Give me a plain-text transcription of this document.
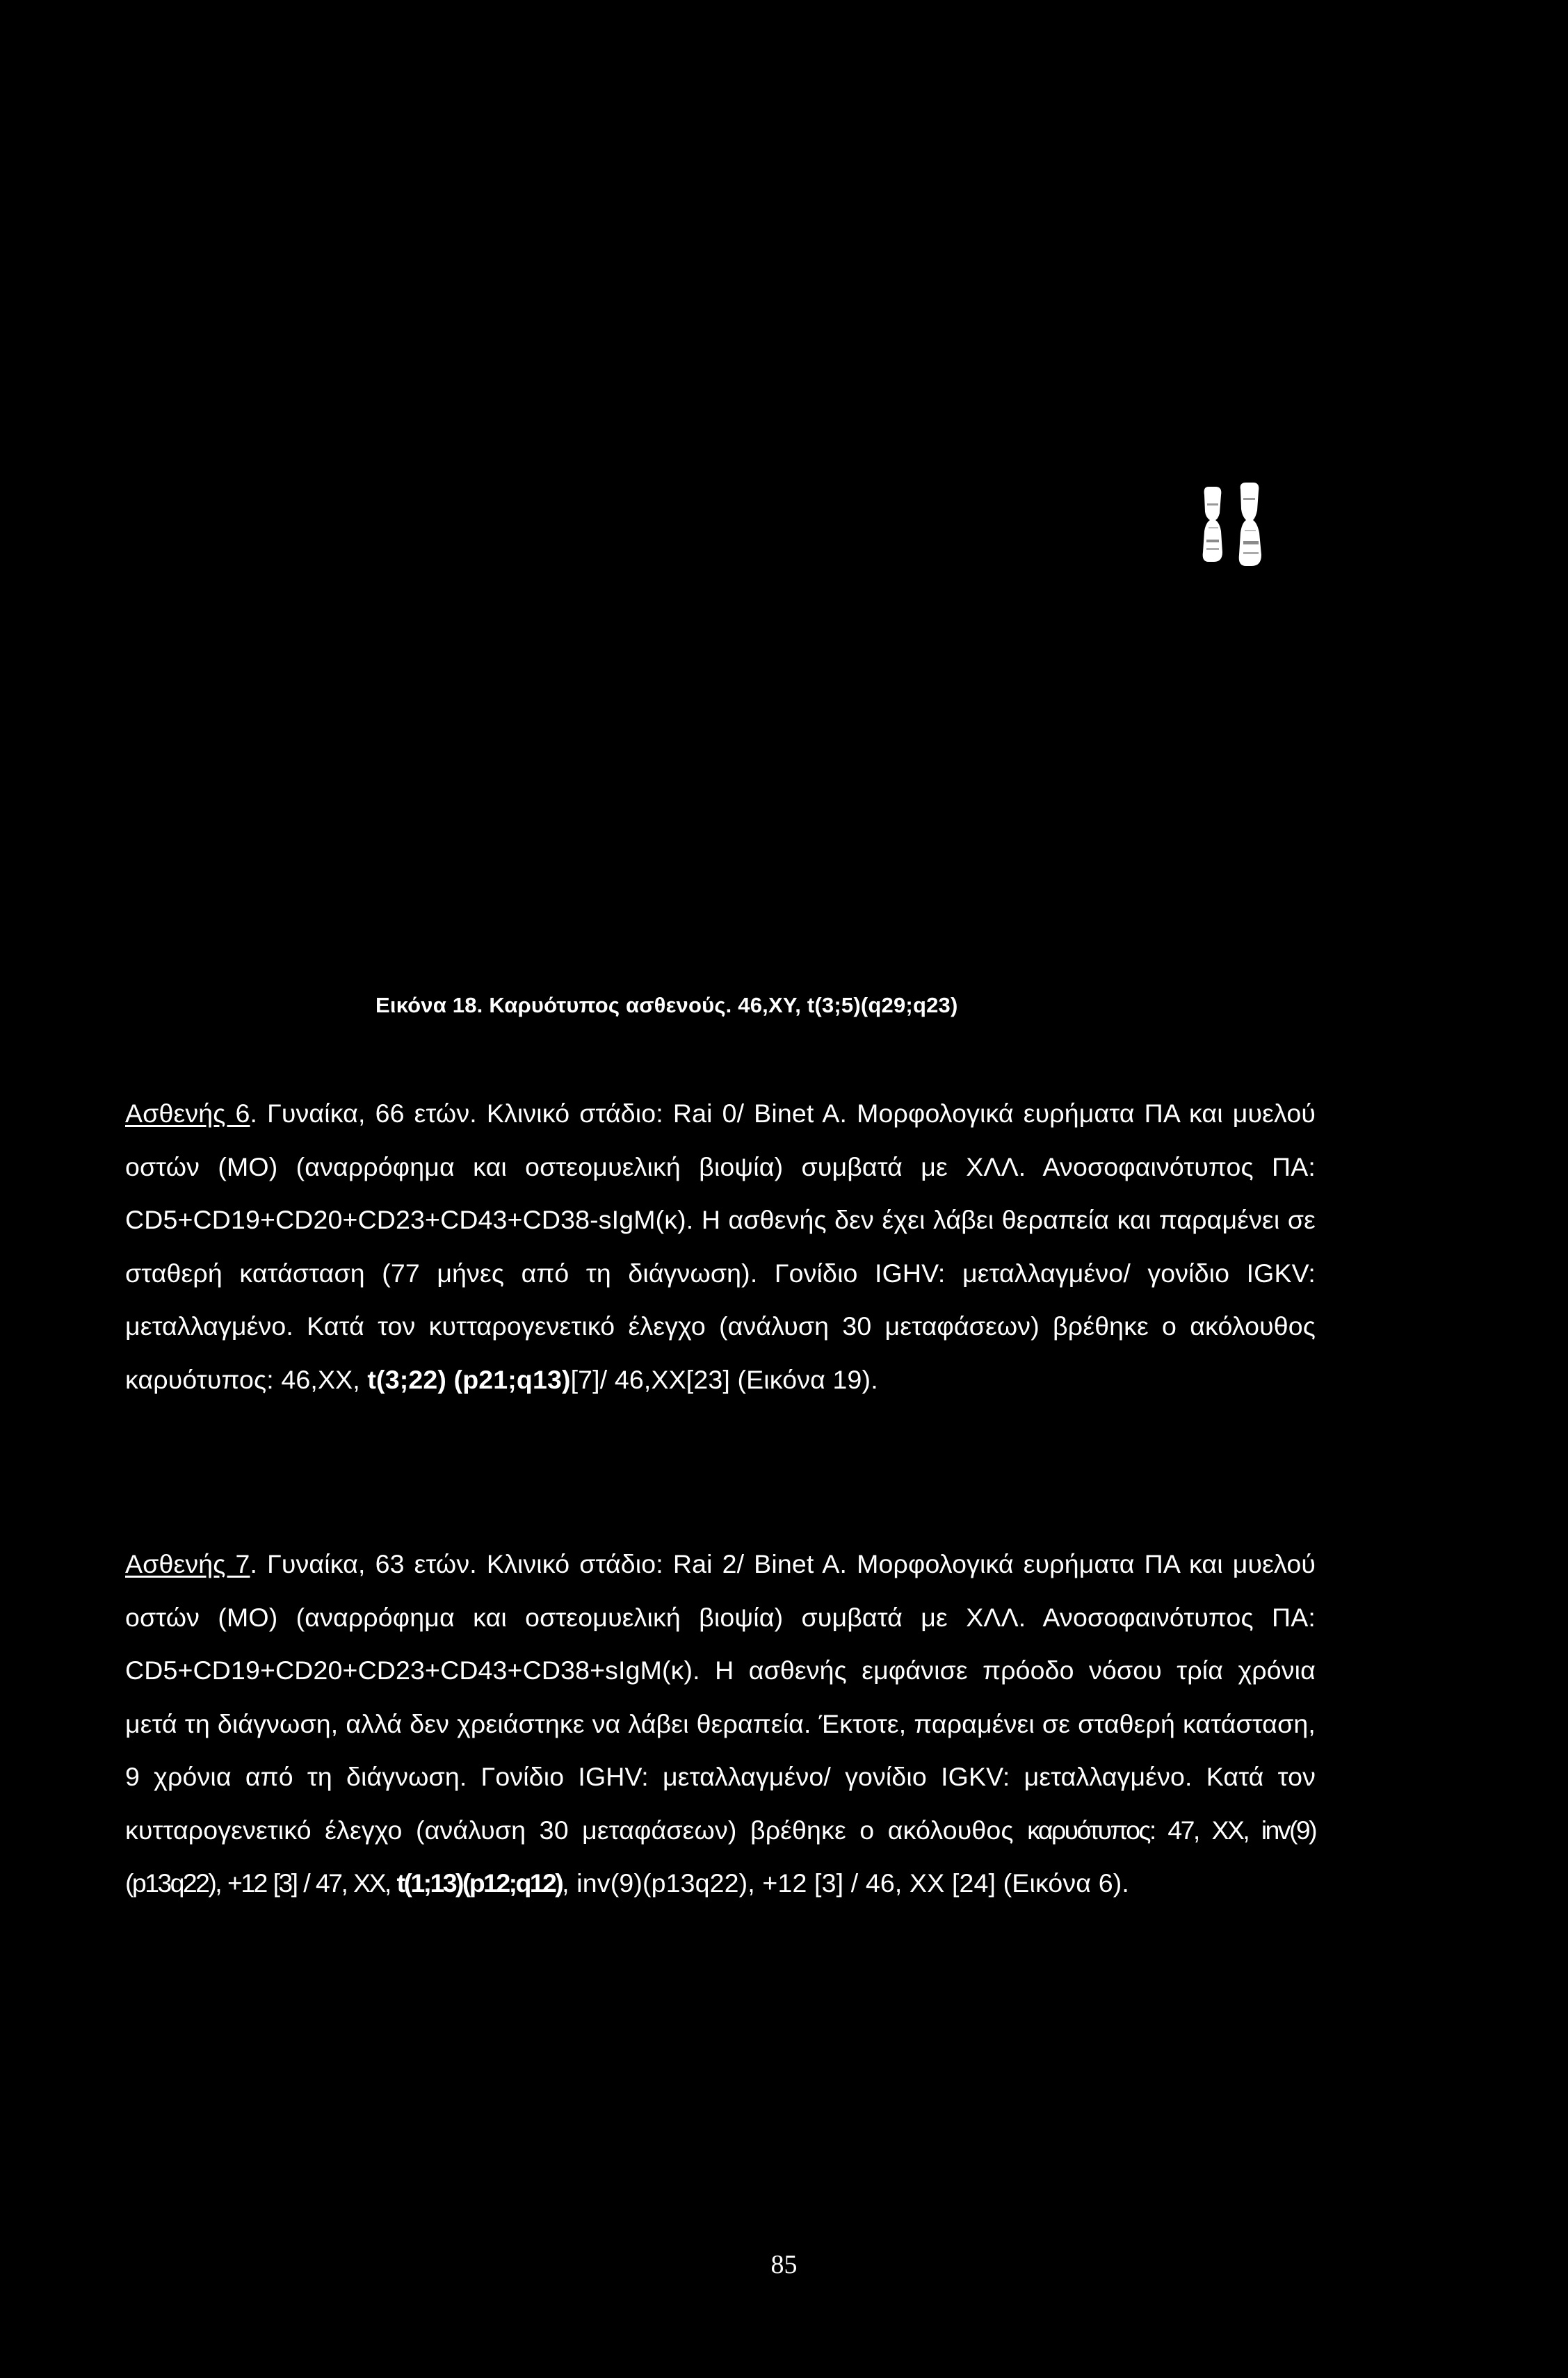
Εικόνα 18. Καρυότυπος ασθενούς. 46,XY, t(3;5)(q29;q23)

Ασθενής 6. Γυναίκα, 66 ετών. Κλινικό στάδιο: Rai 0/ Binet A. Μορφολογικά ευρήματα ΠΑ και μυελού οστών (ΜΟ) (αναρρόφημα και οστεομυελική βιοψία) συμβατά με ΧΛΛ. Ανοσοφαινότυπος ΠΑ: CD5+CD19+CD20+CD23+CD43+CD38-sIgM(κ). Η ασθενής δεν έχει λάβει θεραπεία και παραμένει σε σταθερή κατάσταση (77 μήνες από τη διάγνωση). Γονίδιο IGHV: μεταλλαγμένο/ γονίδιο IGKV: μεταλλαγμένο. Κατά τον κυτταρογενετικό έλεγχο (ανάλυση 30 μεταφάσεων) βρέθηκε ο ακόλουθος καρυότυπος: 46,XX, t(3;22) (p21;q13)[7]/ 46,XX[23] (Εικόνα 19).

Ασθενής 7. Γυναίκα, 63 ετών. Κλινικό στάδιο: Rai 2/ Binet A. Μορφολογικά ευρήματα ΠΑ και μυελού οστών (ΜΟ) (αναρρόφημα και οστεομυελική βιοψία) συμβατά με ΧΛΛ. Ανοσοφαινότυπος ΠΑ: CD5+CD19+CD20+CD23+CD43+CD38+sIgM(κ). Η ασθενής εμφάνισε πρόοδο νόσου τρία χρόνια μετά τη διάγνωση, αλλά δεν χρειάστηκε να λάβει θεραπεία. Έκτοτε, παραμένει σε σταθερή κατάσταση, 9 χρόνια από τη διάγνωση. Γονίδιο IGHV: μεταλλαγμένο/ γονίδιο IGKV: μεταλλαγμένο. Κατά τον κυτταρογενετικό έλεγχο (ανάλυση 30 μεταφάσεων) βρέθηκε ο ακόλουθος καρυότυπος: 47, XX, inv(9)(p13q22), +12 [3] / 47, XX, t(1;13)(p12;q12), inv(9)(p13q22), +12 [3] / 46, XX [24] (Εικόνα 6).

85
